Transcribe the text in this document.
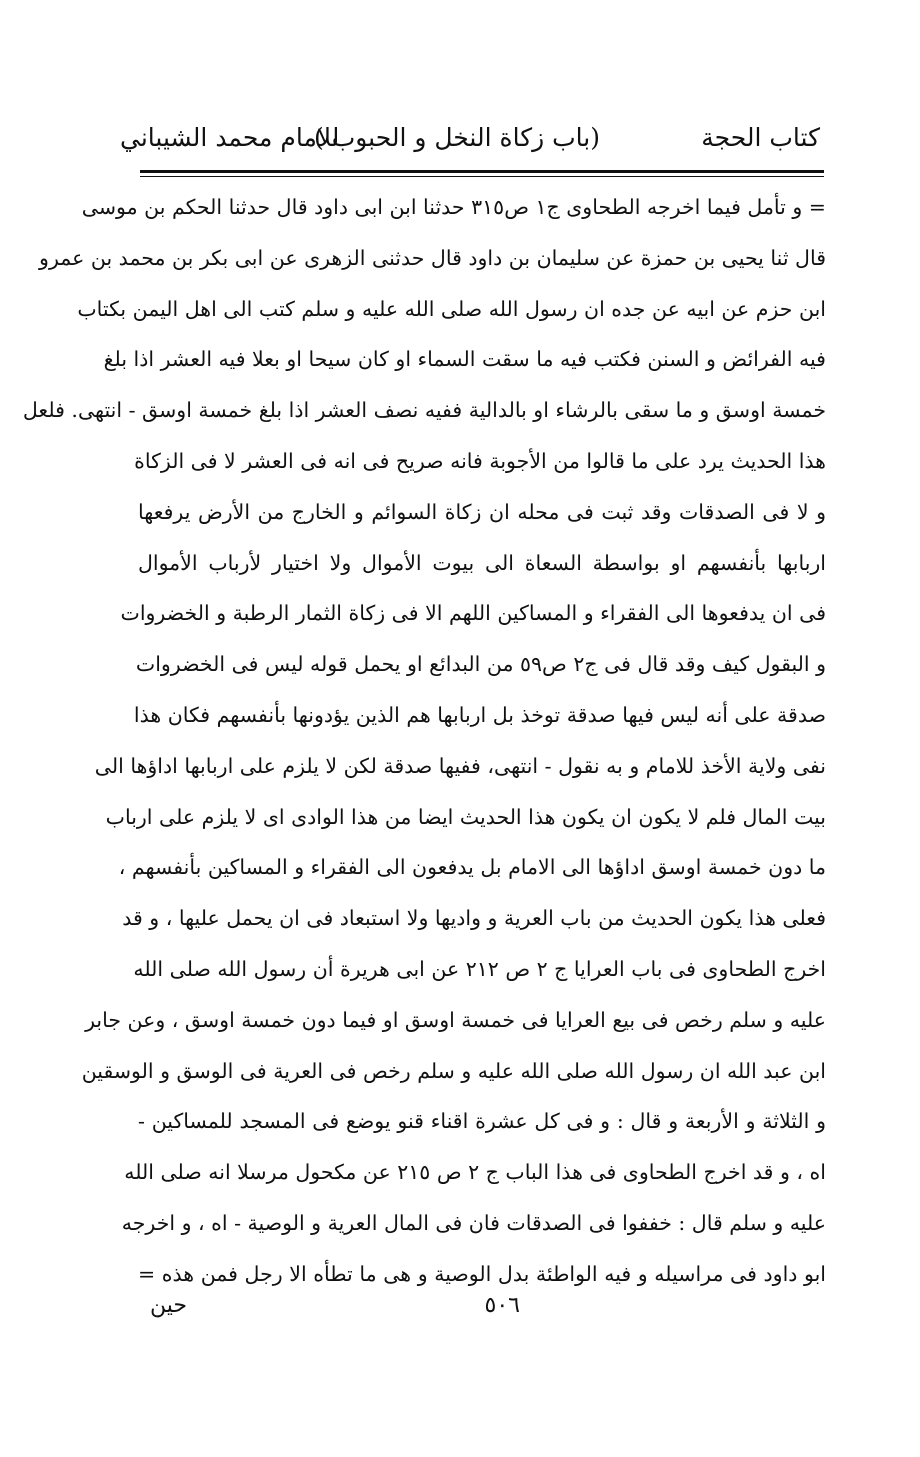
كتاب الحجة
(باب زكاة النخل و الحبوب )
للامام محمد الشيباني
= و تأمل فيما اخرجه الطحاوى ج١ ص٣١٥ حدثنا ابن ابى داود قال حدثنا الحكم بن موسى
قال ثنا يحيى بن حمزة عن سليمان بن داود قال حدثنى الزهرى عن ابى بكر بن محمد بن عمرو
ابن حزم عن ابيه عن جده ان رسول الله صلى الله عليه و سلم كتب الى اهل اليمن بكتاب
فيه الفرائض و السنن فكتب فيه ما سقت السماء او كان سيحا او بعلا فيه العشر اذا بلغ
خمسة اوسق و ما سقى بالرشاء او بالدالية ففيه نصف العشر اذا بلغ خمسة اوسق - انتهى. فلعل
هذا الحديث يرد على ما قالوا من الأجوبة فانه صريح فى انه فى العشر لا فى الزكاة
و لا فى الصدقات وقد ثبت فى محله ان زكاة السوائم و الخارج من الأرض يرفعها
اربابها بأنفسهم او بواسطة السعاة الى بيوت الأموال ولا اختيار لأرباب الأموال
فى ان يدفعوها الى الفقراء و المساكين اللهم الا فى زكاة الثمار الرطبة و الخضروات
و البقول كيف وقد قال فى ج٢ ص٥٩ من البدائع او يحمل قوله ليس فى الخضروات
صدقة على أنه ليس فيها صدقة توخذ بل اربابها هم الذين يؤدونها بأنفسهم فكان هذا
نفى ولاية الأخذ للامام و به نقول - انتهى، ففيها صدقة لكن لا يلزم على اربابها اداؤها الى
بيت المال فلم لا يكون ان يكون هذا الحديث ايضا من هذا الوادى اى لا يلزم على ارباب
ما دون خمسة اوسق اداؤها الى الامام بل يدفعون الى الفقراء و المساكين بأنفسهم ،
فعلى هذا يكون الحديث من باب العرية و واديها ولا استبعاد فى ان يحمل عليها ، و قد
اخرج الطحاوى فى باب العرايا ج ٢ ص ٢١٢ عن ابى هريرة أن رسول الله صلى الله
عليه و سلم رخص فى بيع العرايا فى خمسة اوسق او فيما دون خمسة اوسق ، وعن جابر
ابن عبد الله ان رسول الله صلى الله عليه و سلم رخص فى العرية فى الوسق و الوسقين
و الثلاثة و الأربعة و قال : و فى كل عشرة اقناء قنو يوضع فى المسجد للمساكين -
اه ، و قد اخرج الطحاوى فى هذا الباب ج ٢ ص ٢١٥ عن مكحول مرسلا انه صلى الله
عليه و سلم قال : خففوا فى الصدقات فان فى المال العرية و الوصية - اه ، و اخرجه
ابو داود فى مراسيله و فيه الواطئة بدل الوصية و هى ما تطأه الا رجل فمن هذه =
٥٠٦
حين
